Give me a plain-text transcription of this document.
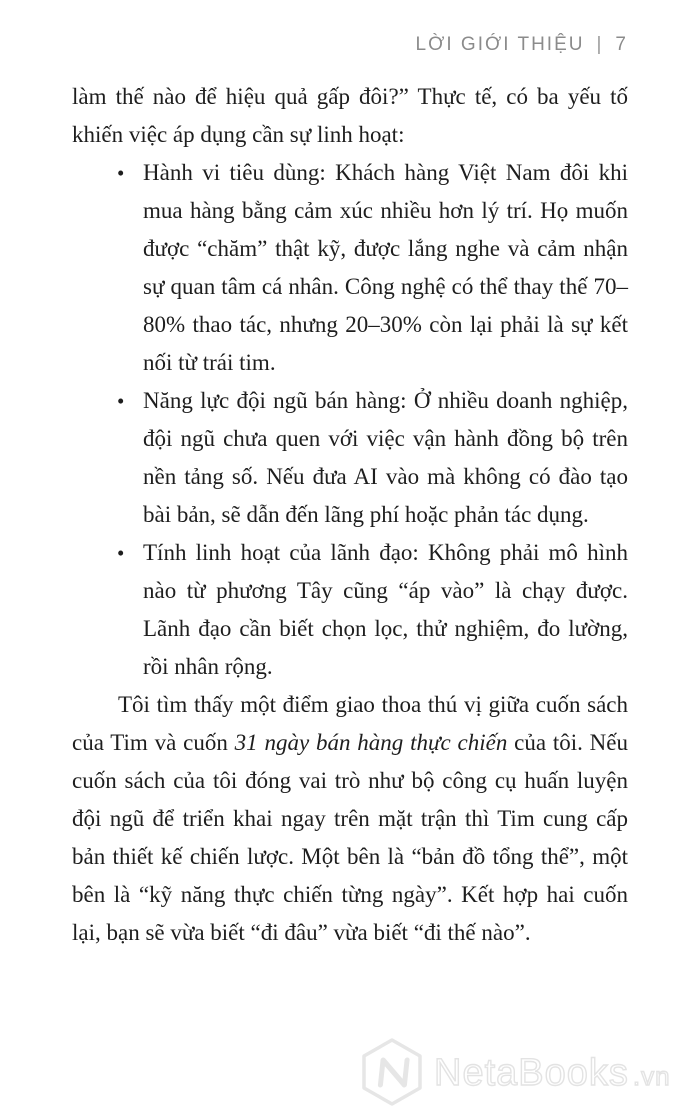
LỜI GIỚI THIỆU | 7

làm thế nào để hiệu quả gấp đôi?” Thực tế, có ba yếu tố khiến việc áp dụng cần sự linh hoạt:

• Hành vi tiêu dùng: Khách hàng Việt Nam đôi khi mua hàng bằng cảm xúc nhiều hơn lý trí. Họ muốn được “chăm” thật kỹ, được lắng nghe và cảm nhận sự quan tâm cá nhân. Công nghệ có thể thay thế 70–80% thao tác, nhưng 20–30% còn lại phải là sự kết nối từ trái tim.
• Năng lực đội ngũ bán hàng: Ở nhiều doanh nghiệp, đội ngũ chưa quen với việc vận hành đồng bộ trên nền tảng số. Nếu đưa AI vào mà không có đào tạo bài bản, sẽ dẫn đến lãng phí hoặc phản tác dụng.
• Tính linh hoạt của lãnh đạo: Không phải mô hình nào từ phương Tây cũng “áp vào” là chạy được. Lãnh đạo cần biết chọn lọc, thử nghiệm, đo lường, rồi nhân rộng.

Tôi tìm thấy một điểm giao thoa thú vị giữa cuốn sách của Tim và cuốn 31 ngày bán hàng thực chiến của tôi. Nếu cuốn sách của tôi đóng vai trò như bộ công cụ huấn luyện đội ngũ để triển khai ngay trên mặt trận thì Tim cung cấp bản thiết kế chiến lược. Một bên là “bản đồ tổng thể”, một bên là “kỹ năng thực chiến từng ngày”. Kết hợp hai cuốn lại, bạn sẽ vừa biết “đi đâu” vừa biết “đi thế nào”.

NetaBooks .vn
